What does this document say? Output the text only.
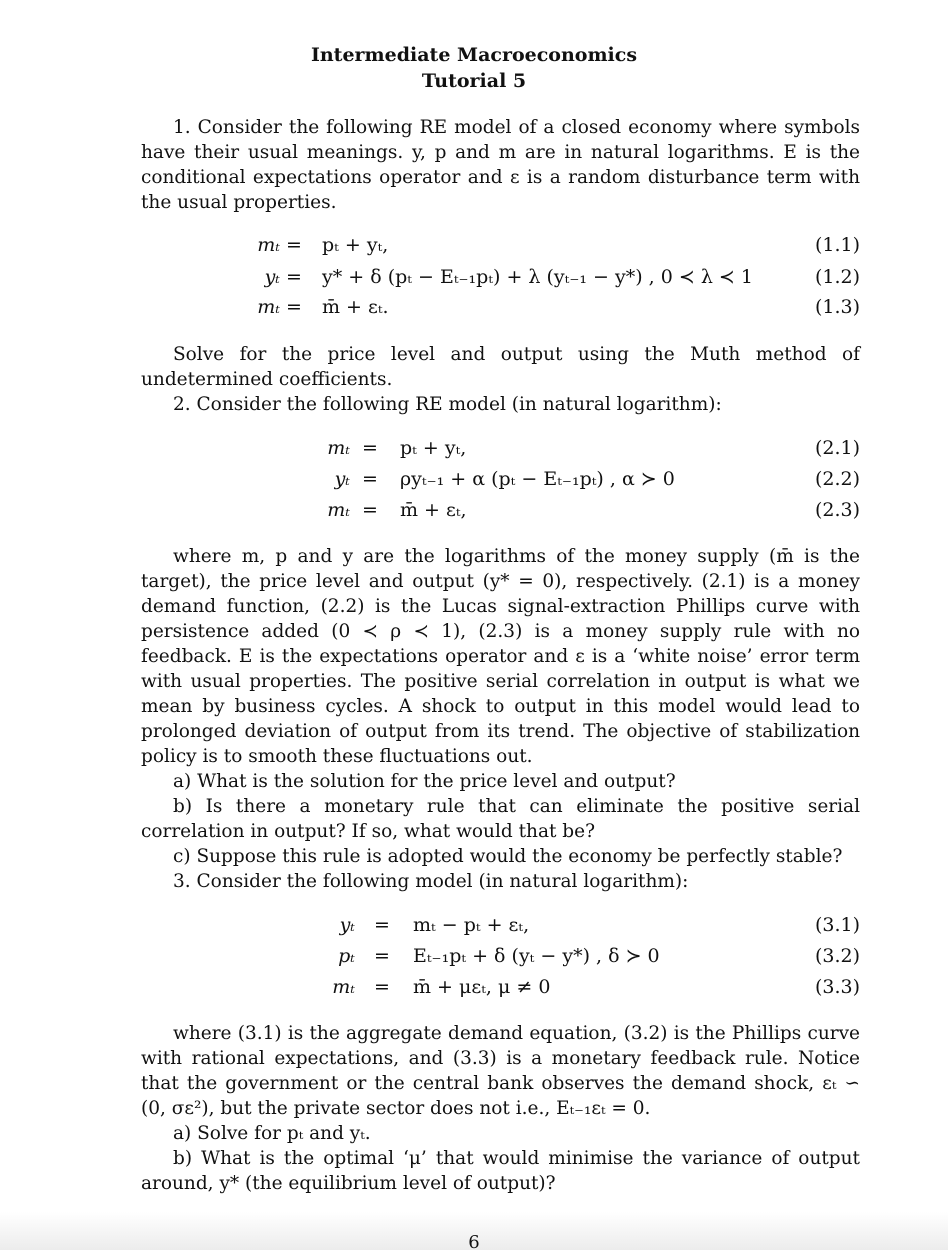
Intermediate Macroeconomics
Tutorial 5
1. Consider the following RE model of a closed economy where symbols have their usual meanings. y, p and m are in natural logarithms. E is the conditional expectations operator and ε is a random disturbance term with the usual properties.
mₜ = pₜ + yₜ,	(1.1)
yₜ = y* + δ (pₜ − Eₜ₋₁pₜ) + λ (yₜ₋₁ − y*) , 0 ≺ λ ≺ 1	(1.2)
mₜ = m̄ + εₜ.	(1.3)
Solve for the price level and output using the Muth method of undetermined coefficients.
2. Consider the following RE model (in natural logarithm):
mₜ = pₜ + yₜ,	(2.1)
yₜ = ρyₜ₋₁ + α (pₜ − Eₜ₋₁pₜ) , α ≻ 0	(2.2)
mₜ = m̄ + εₜ,	(2.3)
where m, p and y are the logarithms of the money supply (m̄ is the target), the price level and output (y* = 0), respectively. (2.1) is a money demand function, (2.2) is the Lucas signal-extraction Phillips curve with persistence added (0 ≺ ρ ≺ 1), (2.3) is a money supply rule with no feedback. E is the expectations operator and ε is a ‘white noise’ error term with usual properties. The positive serial correlation in output is what we mean by business cycles. A shock to output in this model would lead to prolonged deviation of output from its trend. The objective of stabilization policy is to smooth these fluctuations out.
a) What is the solution for the price level and output?
b) Is there a monetary rule that can eliminate the positive serial correlation in output? If so, what would that be?
c) Suppose this rule is adopted would the economy be perfectly stable?
3. Consider the following model (in natural logarithm):
yₜ = mₜ − pₜ + εₜ,	(3.1)
pₜ = Eₜ₋₁pₜ + δ (yₜ − y*) , δ ≻ 0	(3.2)
mₜ = m̄ + μεₜ, μ ≠ 0	(3.3)
where (3.1) is the aggregate demand equation, (3.2) is the Phillips curve with rational expectations, and (3.3) is a monetary feedback rule. Notice that the government or the central bank observes the demand shock, εₜ ∽ (0, σε²), but the private sector does not i.e., Eₜ₋₁εₜ = 0.
a) Solve for pₜ and yₜ.
b) What is the optimal ‘μ’ that would minimise the variance of output around, y* (the equilibrium level of output)?
6
